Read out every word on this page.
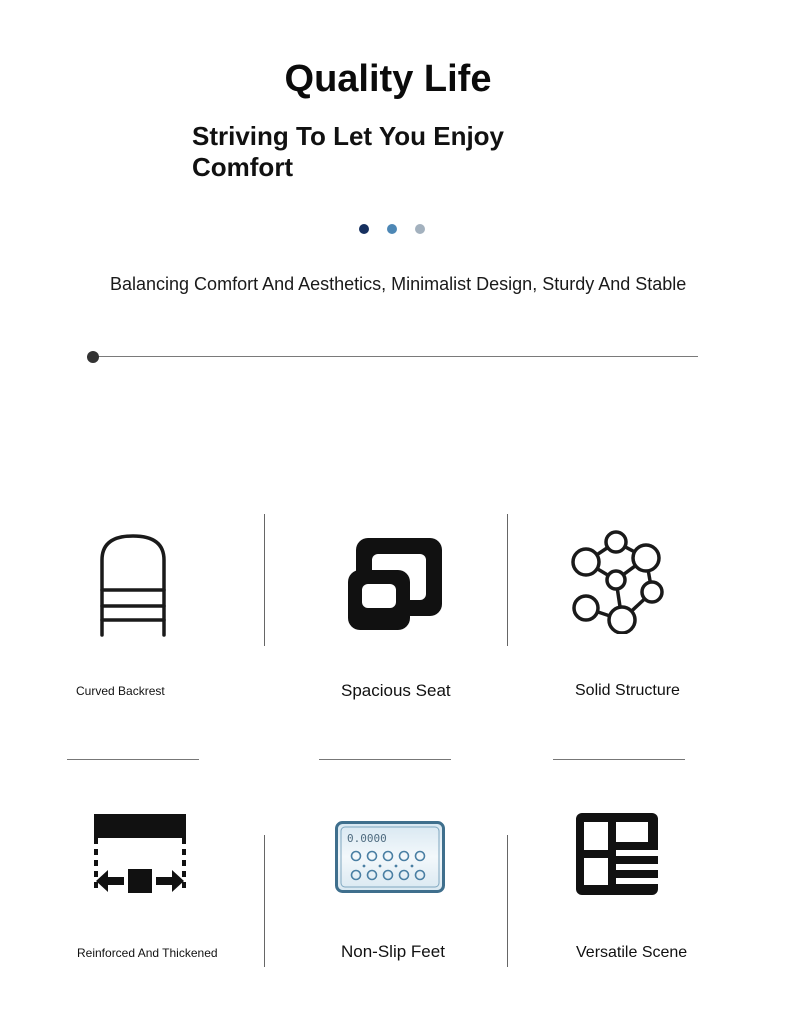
Quality Life
Striving To Let You Enjoy Comfort
Balancing Comfort And Aesthetics, Minimalist Design, Sturdy And Stable
Curved Backrest	Spacious Seat	Solid Structure
Reinforced And Thickened
0.0000
Non-Slip Feet	Versatile Scene
